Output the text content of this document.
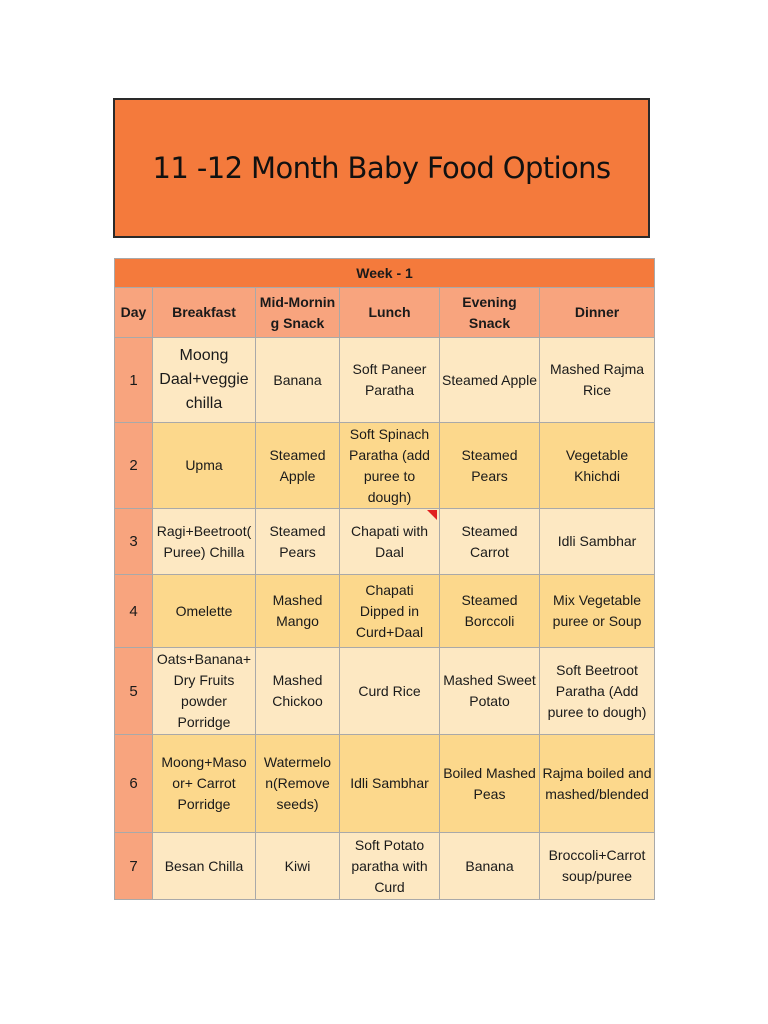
11 -12 Month Baby Food Options
Week - 1					
Day	Breakfast	Mid-Mornin g Snack	Lunch	Evening Snack	Dinner
1	Moong Daal+veggie chilla	Banana	Soft Paneer Paratha	Steamed Apple	Mashed Rajma Rice
2	Upma	Steamed Apple	Soft Spinach Paratha (add puree to dough)	Steamed Pears	Vegetable Khichdi
3	Ragi+Beetroot( Puree) Chilla	Steamed Pears	Chapati with Daal	Steamed Carrot	Idli Sambhar
4	Omelette	Mashed Mango	Chapati Dipped in Curd+Daal	Steamed Borccoli	Mix Vegetable puree or Soup
5	Oats+Banana+ Dry Fruits powder Porridge	Mashed Chickoo	Curd Rice	Mashed Sweet Potato	Soft Beetroot Paratha (Add puree to dough)
6	Moong+Maso or+ Carrot Porridge	Watermelo n(Remove seeds)	Idli Sambhar	Boiled Mashed Peas	Rajma boiled and mashed/blended
7	Besan Chilla	Kiwi	Soft Potato paratha with Curd	Banana	Broccoli+Carrot soup/puree
